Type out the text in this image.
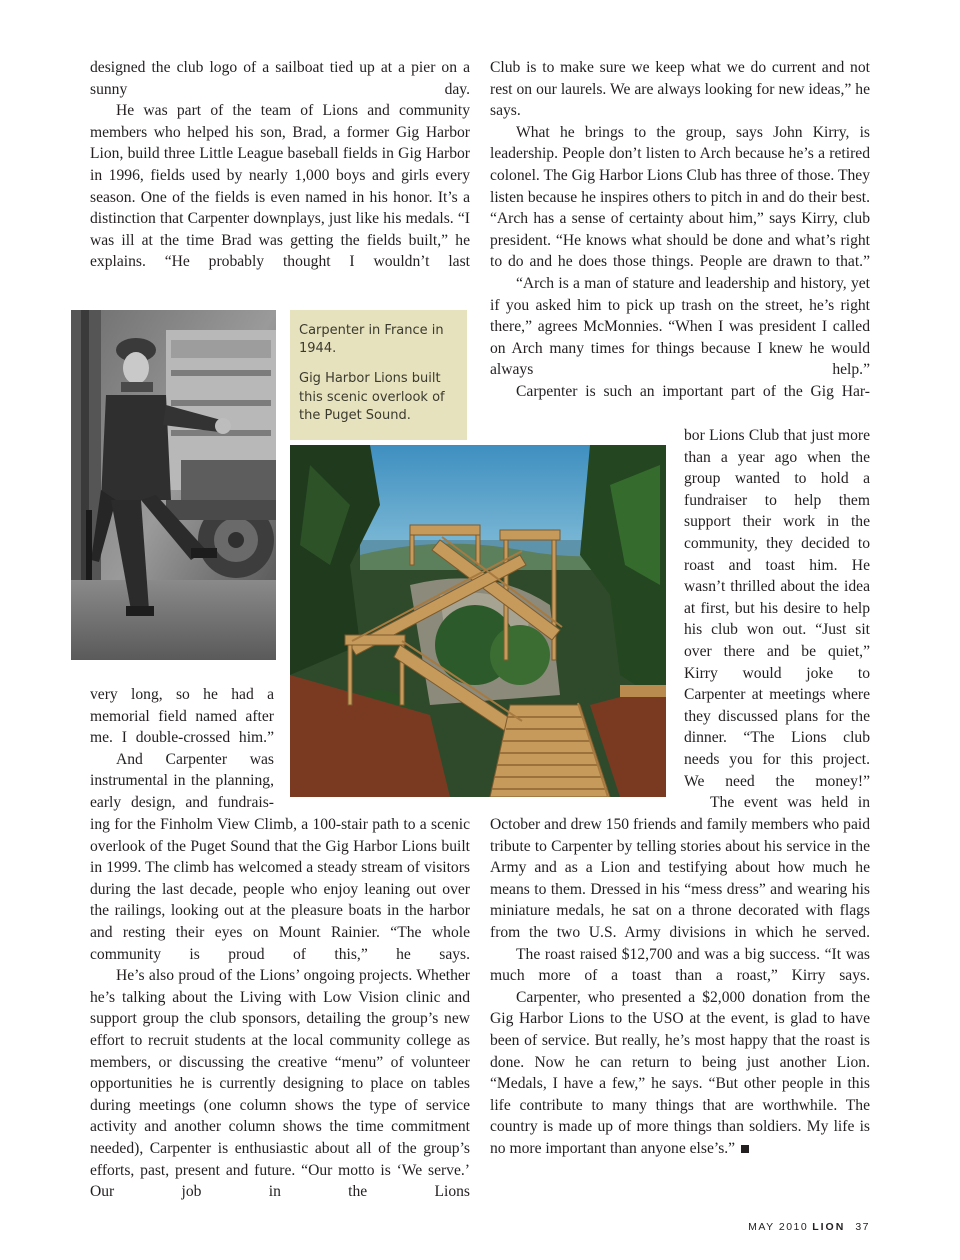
designed the club logo of a sailboat tied up at a pier on a sunny day.

He was part of the team of Lions and community members who helped his son, Brad, a former Gig Harbor Lion, build three Little League baseball fields in Gig Harbor in 1996, fields used by nearly 1,000 boys and girls every season. One of the fields is even named in his honor. It’s a distinction that Carpenter downplays, just like his medals. “I was ill at the time Brad was getting the fields built,” he explains. “He probably thought I wouldn’t last

Carpenter in France in 1944.

Gig Harbor Lions built this scenic overlook of the Puget Sound.

very long, so he had a memorial field named after me. I double-crossed him.”

And Carpenter was instrumental in the planning, early design, and fundrais-

ing for the Finholm View Climb, a 100-stair path to a scenic overlook of the Puget Sound that the Gig Harbor Lions built in 1999. The climb has welcomed a steady stream of visitors during the last decade, people who enjoy leaning out over the railings, looking out at the pleasure boats in the harbor and resting their eyes on Mount Rainier. “The whole community is proud of this,” he says.

He’s also proud of the Lions’ ongoing projects. Whether he’s talking about the Living with Low Vision clinic and support group the club sponsors, detailing the group’s new effort to recruit students at the local community college as members, or discussing the creative “menu” of volunteer opportunities he is currently designing to place on tables during meetings (one column shows the type of service activity and another column shows the time commitment needed), Carpenter is enthusiastic about all of the group’s efforts, past, present and future. “Our motto is ‘We serve.’ Our job in the Lions

Club is to make sure we keep what we do current and not rest on our laurels. We are always looking for new ideas,” he says.

What he brings to the group, says John Kirry, is leadership. People don’t listen to Arch because he’s a retired colonel. The Gig Harbor Lions Club has three of those. They listen because he inspires others to pitch in and do their best. “Arch has a sense of certainty about him,” says Kirry, club president. “He knows what should be done and what’s right to do and he does those things. People are drawn to that.”

“Arch is a man of stature and leadership and history, yet if you asked him to pick up trash on the street, he’s right there,” agrees McMonnies. “When I was president I called on Arch many times for things because I knew he would always help.”

Carpenter is such an important part of the Gig Har-

bor Lions Club that just more than a year ago when the group wanted to hold a fundraiser to help them support their work in the community, they decided to roast and toast him. He wasn’t thrilled about the idea at first, but his desire to help his club won out. “Just sit over there and be quiet,” Kirry would joke to Carpenter at meetings where they discussed plans for the dinner. “The Lions club needs you for this project. We need the money!”

The event was held in

October and drew 150 friends and family members who paid tribute to Carpenter by telling stories about his service in the Army and as a Lion and testifying about how much he means to them. Dressed in his “mess dress” and wearing his miniature medals, he sat on a throne decorated with flags from the two U.S. Army divisions in which he served.

The roast raised $12,700 and was a big success. “It was much more of a toast than a roast,” Kirry says.

Carpenter, who presented a $2,000 donation from the Gig Harbor Lions to the USO at the event, is glad to have been of service. But really, he’s most happy that the roast is done. Now he can return to being just another Lion. “Medals, I have a few,” he says. “But other people in this life contribute to many things that are worthwhile. The country is made up of more things than soldiers. My life is no more important than anyone else’s.”

MAY 2010 LION 37
